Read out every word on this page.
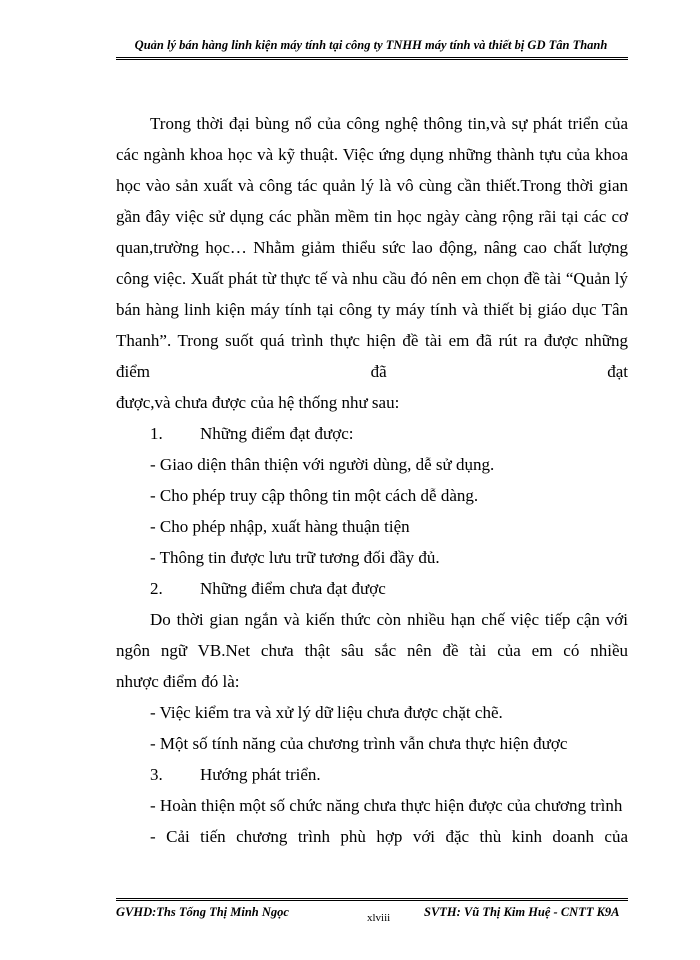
Quản lý bán hàng linh kiện máy tính tại công ty TNHH máy tính và thiết bị GD Tân Thanh

Trong thời đại bùng nổ của công nghệ thông tin,và sự phát triển của các ngành khoa học và kỹ thuật. Việc ứng dụng những thành tựu của khoa học vào sản xuất và công tác quản lý là vô cùng cần thiết.Trong thời gian gần đây việc sử dụng các phần mềm tin học ngày càng rộng rãi tại các cơ quan,trường học… Nhằm giảm thiểu sức lao động, nâng cao chất lượng công việc. Xuất phát từ thực tế và nhu cầu đó nên em chọn đề tài “Quản lý bán hàng linh kiện máy tính tại công ty máy tính và thiết bị giáo dục Tân Thanh”. Trong suốt quá trình thực hiện đề tài em đã rút ra được những điểm đã đạt

được,và chưa được của hệ thống như sau:

1. Những điểm đạt được:

- Giao diện thân thiện với người dùng, dễ sử dụng.

- Cho phép truy cập thông tin một cách dễ dàng.

- Cho phép nhập, xuất hàng thuận tiện

- Thông tin được lưu trữ tương đối đầy đủ.

2. Những điểm chưa đạt được

Do thời gian ngắn và kiến thức còn nhiều hạn chế việc tiếp cận với ngôn ngữ VB.Net chưa thật sâu sắc nên đề tài của em có nhiều

nhược điểm đó là:

- Việc kiểm tra và xử lý dữ liệu chưa được chặt chẽ.

- Một số tính năng của chương trình vẫn chưa thực hiện được

3. Hướng phát triển.

- Hoàn thiện một số chức năng chưa thực hiện được của chương trình

- Cải tiến chương trình phù hợp với đặc thù kinh doanh của

GVHD:Ths Tống Thị Minh Ngọc	xlviii	SVTH: Vũ Thị Kim Huệ - CNTT K9A
